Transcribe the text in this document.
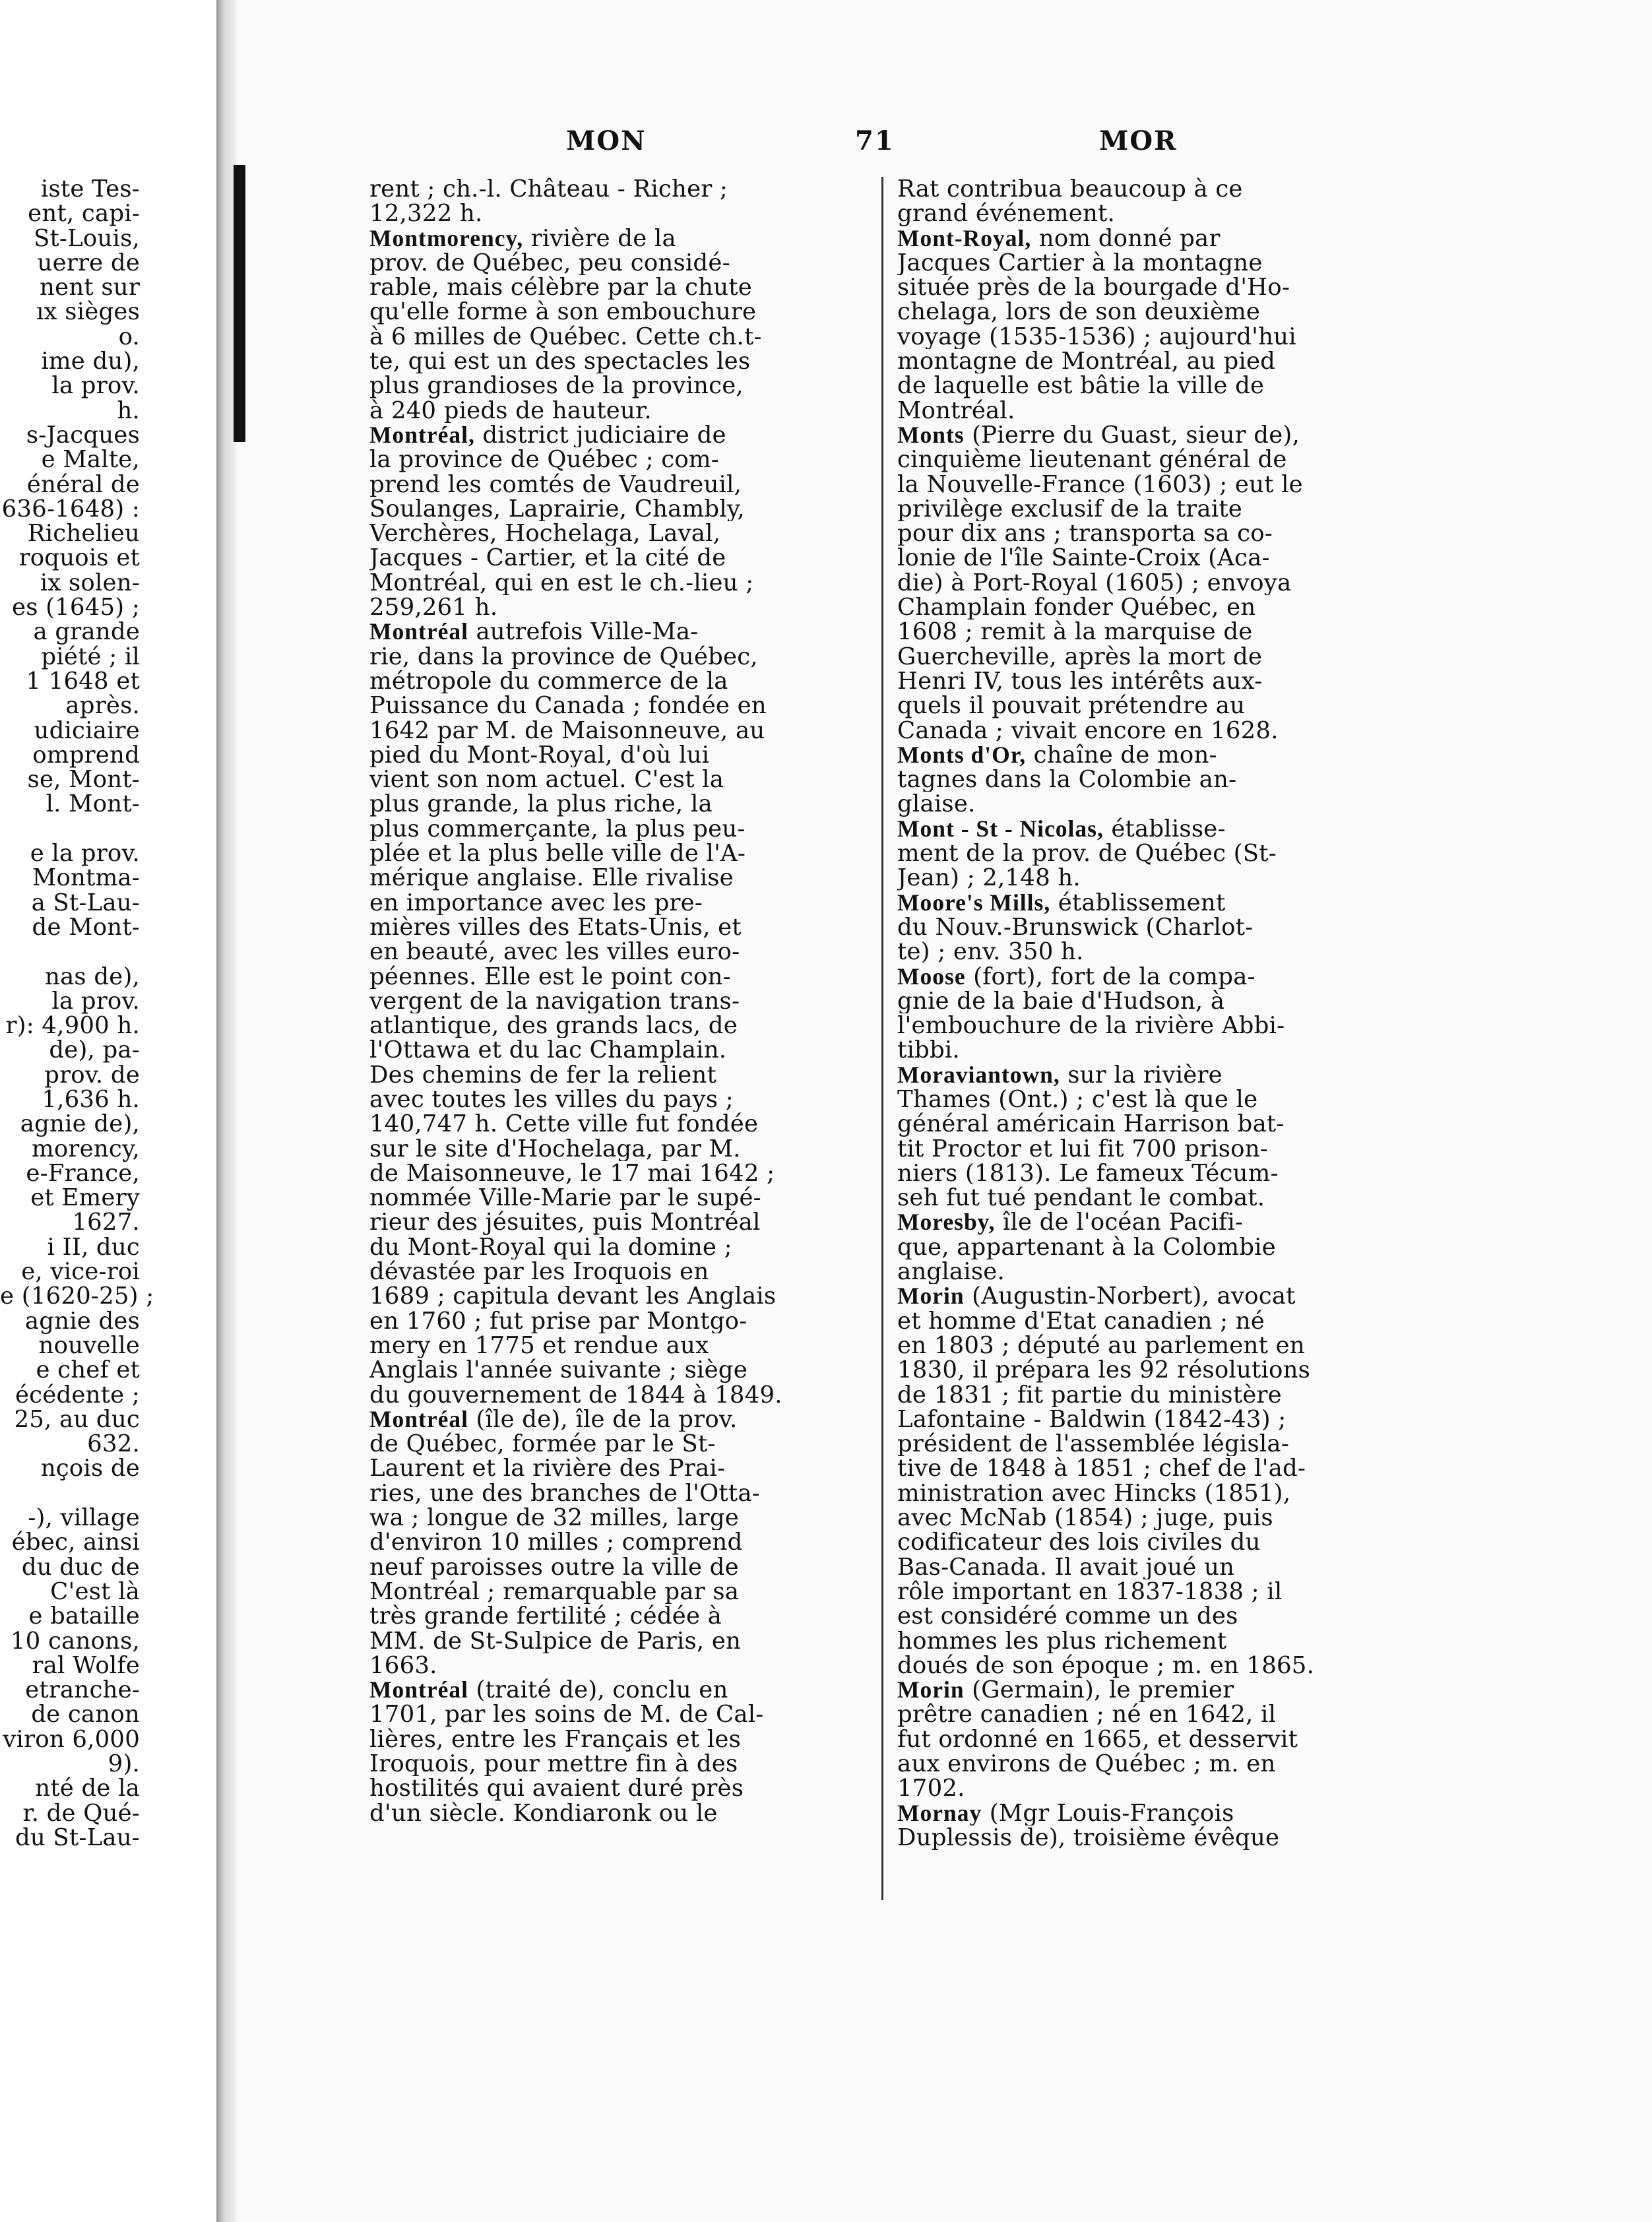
iste Tes-
ent, capi-
St-Louis,
uerre de
nent sur
ıx sièges
o.
ime du),
la prov.
h.
s-Jacques
e Malte,
énéral de
636-1648) :
Richelieu
roquois et
ix solen-
es (1645) ;
a grande
piété ; il
1 1648 et
après.
udiciaire
omprend
se, Mont-
l. Mont-
e la prov.
Montma-
a St-Lau-
de Mont-
nas de),
la prov.
r): 4,900 h.
de), pa-
prov. de
1,636 h.
agnie de),
morency,
e-France,
et Emery
1627.
i II, duc
e, vice-roi
e (1620-25) ;
agnie des
nouvelle
e chef et
écédente ;
25, au duc
632.
nçois de
-), village
ébec, ainsi
du duc de
C'est là
e bataille
10 canons,
ral Wolfe
etranche-
de canon
viron 6,000
9).
nté de la
r. de Qué-
du St-Lau-
MON	71	MOR
rent ; ch.-l. Château - Richer ;
12,322 h.
Montmorency, rivière de la
prov. de Québec, peu considé-
rable, mais célèbre par la chute
qu'elle forme à son embouchure
à 6 milles de Québec. Cette ch.t-
te, qui est un des spectacles les
plus grandioses de la province,
à 240 pieds de hauteur.
Montréal, district judiciaire de
la province de Québec ; com-
prend les comtés de Vaudreuil,
Soulanges, Laprairie, Chambly,
Verchères, Hochelaga, Laval,
Jacques - Cartier, et la cité de
Montréal, qui en est le ch.-lieu ;
259,261 h.
Montréal autrefois Ville-Ma-
rie, dans la province de Québec,
métropole du commerce de la
Puissance du Canada ; fondée en
1642 par M. de Maisonneuve, au
pied du Mont-Royal, d'où lui
vient son nom actuel. C'est la
plus grande, la plus riche, la
plus commerçante, la plus peu-
plée et la plus belle ville de l'A-
mérique anglaise. Elle rivalise
en importance avec les pre-
mières villes des Etats-Unis, et
en beauté, avec les villes euro-
péennes. Elle est le point con-
vergent de la navigation trans-
atlantique, des grands lacs, de
l'Ottawa et du lac Champlain.
Des chemins de fer la relient
avec toutes les villes du pays ;
140,747 h. Cette ville fut fondée
sur le site d'Hochelaga, par M.
de Maisonneuve, le 17 mai 1642 ;
nommée Ville-Marie par le supé-
rieur des jésuites, puis Montréal
du Mont-Royal qui la domine ;
dévastée par les Iroquois en
1689 ; capitula devant les Anglais
en 1760 ; fut prise par Montgo-
mery en 1775 et rendue aux
Anglais l'année suivante ; siège
du gouvernement de 1844 à 1849.
Montréal (île de), île de la prov.
de Québec, formée par le St-
Laurent et la rivière des Prai-
ries, une des branches de l'Otta-
wa ; longue de 32 milles, large
d'environ 10 milles ; comprend
neuf paroisses outre la ville de
Montréal ; remarquable par sa
très grande fertilité ; cédée à
MM. de St-Sulpice de Paris, en
1663.
Montréal (traité de), conclu en
1701, par les soins de M. de Cal-
lières, entre les Français et les
Iroquois, pour mettre fin à des
hostilités qui avaient duré près
d'un siècle. Kondiaronk ou le
Rat contribua beaucoup à ce
grand événement.
Mont-Royal, nom donné par
Jacques Cartier à la montagne
située près de la bourgade d'Ho-
chelaga, lors de son deuxième
voyage (1535-1536) ; aujourd'hui
montagne de Montréal, au pied
de laquelle est bâtie la ville de
Montréal.
Monts (Pierre du Guast, sieur de),
cinquième lieutenant général de
la Nouvelle-France (1603) ; eut le
privilège exclusif de la traite
pour dix ans ; transporta sa co-
lonie de l'île Sainte-Croix (Aca-
die) à Port-Royal (1605) ; envoya
Champlain fonder Québec, en
1608 ; remit à la marquise de
Guercheville, après la mort de
Henri IV, tous les intérêts aux-
quels il pouvait prétendre au
Canada ; vivait encore en 1628.
Monts d'Or, chaîne de mon-
tagnes dans la Colombie an-
glaise.
Mont - St - Nicolas, établisse-
ment de la prov. de Québec (St-
Jean) ; 2,148 h.
Moore's Mills, établissement
du Nouv.-Brunswick (Charlot-
te) ; env. 350 h.
Moose (fort), fort de la compa-
gnie de la baie d'Hudson, à
l'embouchure de la rivière Abbi-
tibbi.
Moraviantown, sur la rivière
Thames (Ont.) ; c'est là que le
général américain Harrison bat-
tit Proctor et lui fit 700 prison-
niers (1813). Le fameux Técum-
seh fut tué pendant le combat.
Moresby, île de l'océan Pacifi-
que, appartenant à la Colombie
anglaise.
Morin (Augustin-Norbert), avocat
et homme d'Etat canadien ; né
en 1803 ; député au parlement en
1830, il prépara les 92 résolutions
de 1831 ; fit partie du ministère
Lafontaine - Baldwin (1842-43) ;
président de l'assemblée législa-
tive de 1848 à 1851 ; chef de l'ad-
ministration avec Hincks (1851),
avec McNab (1854) ; juge, puis
codificateur des lois civiles du
Bas-Canada. Il avait joué un
rôle important en 1837-1838 ; il
est considéré comme un des
hommes les plus richement
doués de son époque ; m. en 1865.
Morin (Germain), le premier
prêtre canadien ; né en 1642, il
fut ordonné en 1665, et desservit
aux environs de Québec ; m. en
1702.
Mornay (Mgr Louis-François
Duplessis de), troisième évêque
